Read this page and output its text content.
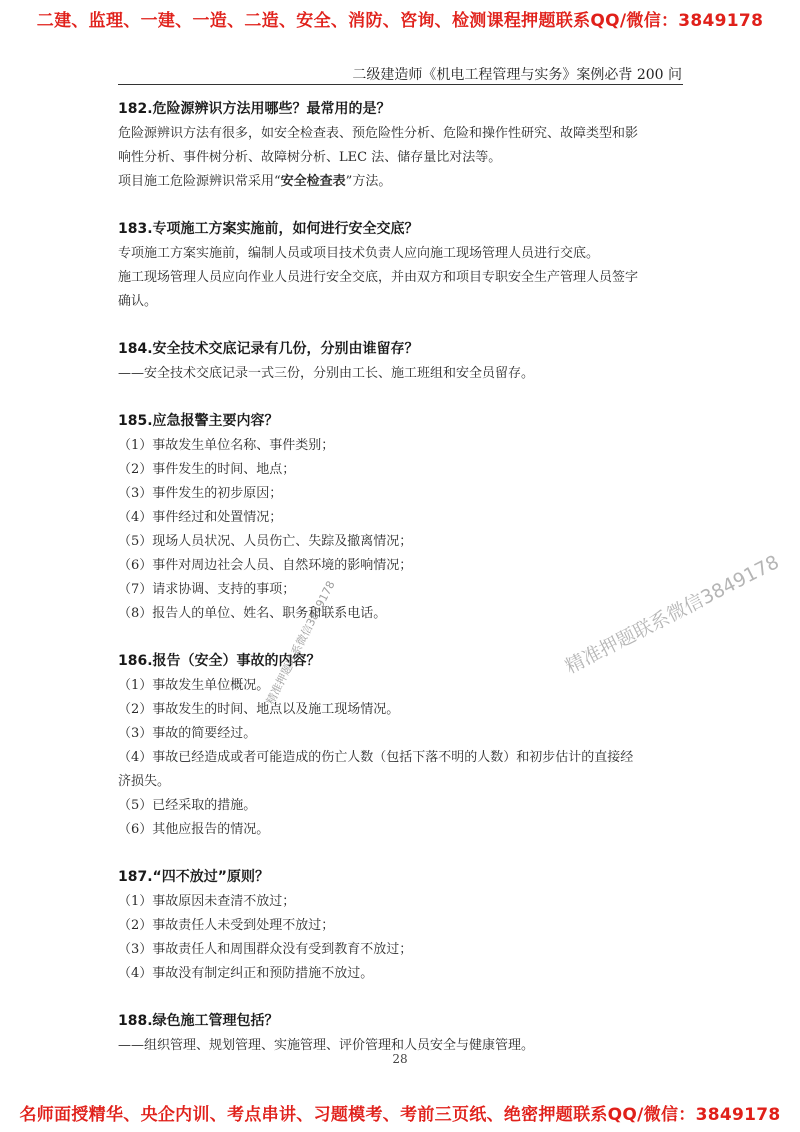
二建、监理、一建、一造、二造、安全、消防、咨询、检测课程押题联系QQ/微信：3849178
二级建造师《机电工程管理与实务》案例必背 200 问

182.危险源辨识方法用哪些？最常用的是？

危险源辨识方法有很多，如安全检查表、预危险性分析、危险和操作性研究、故障类型和影

响性分析、事件树分析、故障树分析、LEC 法、储存量比对法等。

项目施工危险源辨识常采用“安全检查表”方法。

183.专项施工方案实施前，如何进行安全交底？

专项施工方案实施前，编制人员或项目技术负责人应向施工现场管理人员进行交底。

施工现场管理人员应向作业人员进行安全交底，并由双方和项目专职安全生产管理人员签字

确认。

184.安全技术交底记录有几份，分别由谁留存？

——安全技术交底记录一式三份，分别由工长、施工班组和安全员留存。

185.应急报警主要内容？

（1）事故发生单位名称、事件类别；

（2）事件发生的时间、地点；

（3）事件发生的初步原因；

（4）事件经过和处置情况；

（5）现场人员状况、人员伤亡、失踪及撤离情况；

（6）事件对周边社会人员、自然环境的影响情况；

（7）请求协调、支持的事项；

（8）报告人的单位、姓名、职务和联系电话。

186.报告（安全）事故的内容？

（1）事故发生单位概况。

（2）事故发生的时间、地点以及施工现场情况。

（3）事故的简要经过。

（4）事故已经造成或者可能造成的伤亡人数（包括下落不明的人数）和初步估计的直接经

济损失。

（5）已经采取的措施。

（6）其他应报告的情况。

187.“四不放过”原则？

（1）事故原因未查清不放过；

（2）事故责任人未受到处理不放过；

（3）事故责任人和周围群众没有受到教育不放过；

（4）事故没有制定纠正和预防措施不放过。

188.绿色施工管理包括？

——组织管理、规划管理、实施管理、评价管理和人员安全与健康管理。

精准押题联系微信3849178
精准押题联系微信3849178
28
名师面授精华、央企内训、考点串讲、习题模考、考前三页纸、绝密押题联系QQ/微信：3849178
